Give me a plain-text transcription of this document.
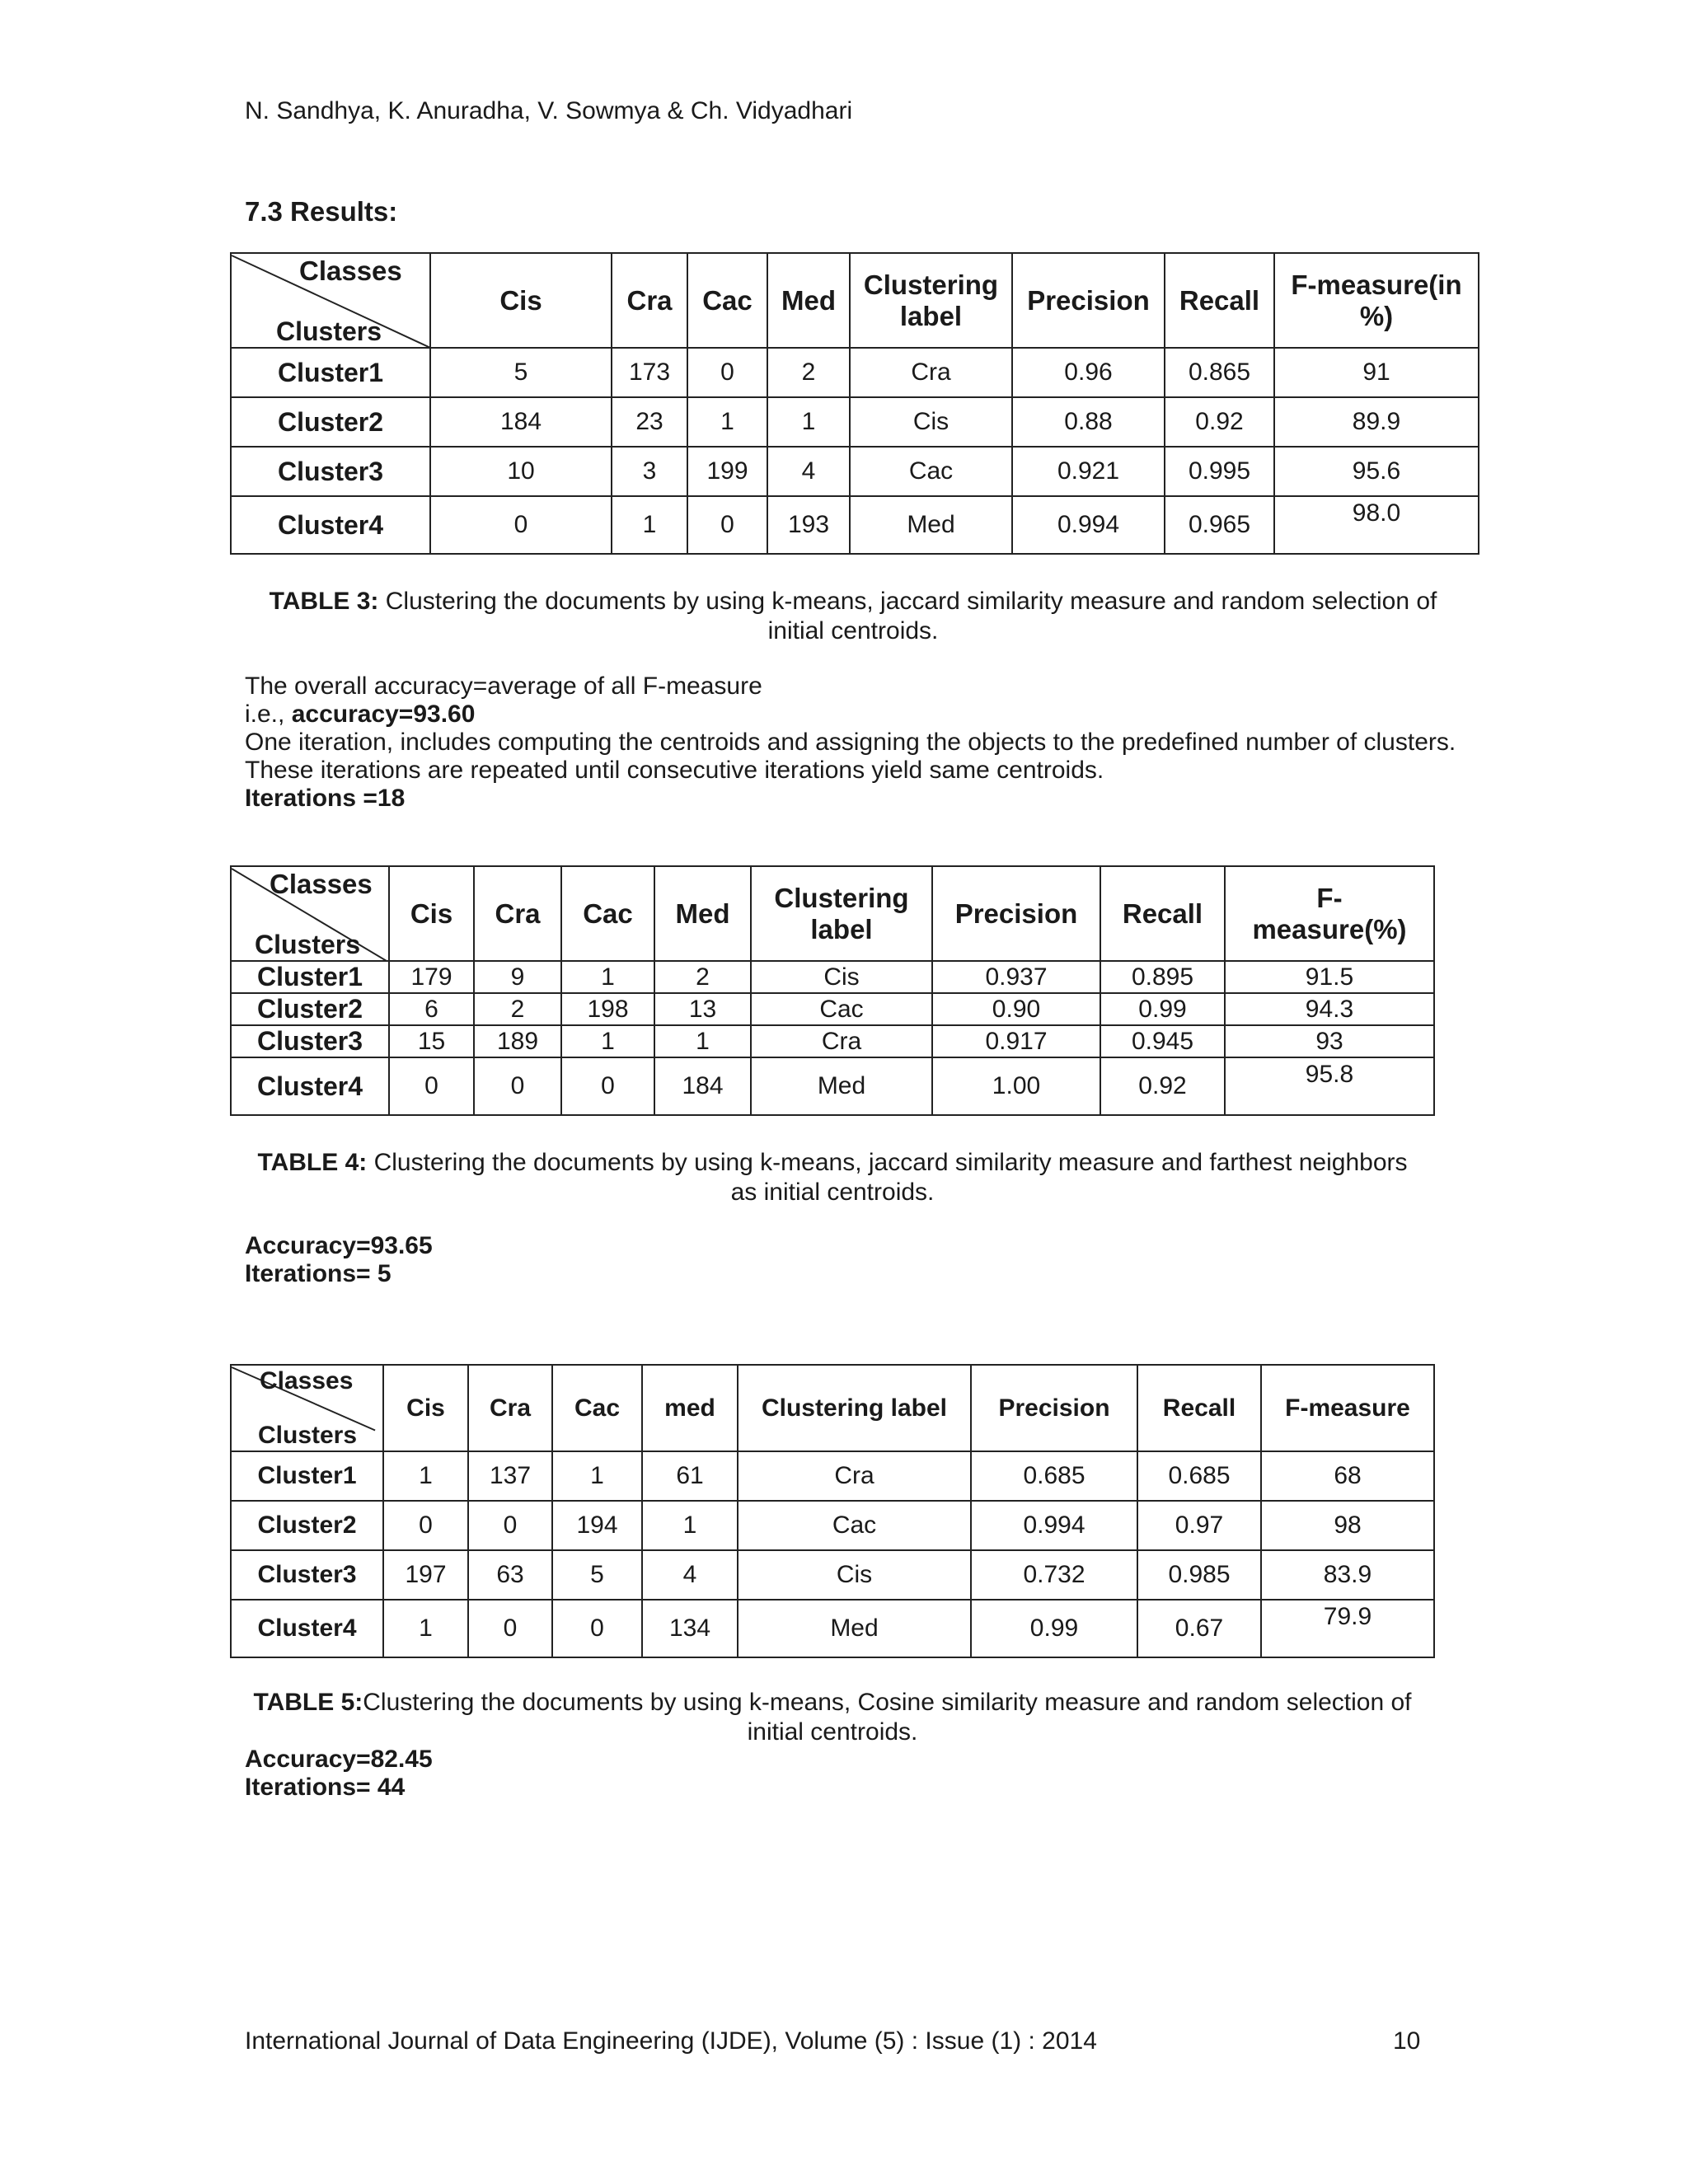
N. Sandhya, K. Anuradha, V. Sowmya & Ch. Vidyadhari
7.3 Results:
Classes
Clusters	Cis	Cra	Cac	Med	Clustering label	Precision	Recall	F-measure(in %)
Cluster1	5	173	0	2	Cra	0.96	0.865	91
Cluster2	184	23	1	1	Cis	0.88	0.92	89.9
Cluster3	10	3	199	4	Cac	0.921	0.995	95.6
Cluster4	0	1	0	193	Med	0.994	0.965	98.0
TABLE 3: Clustering the documents by using k-means, jaccard similarity measure and random selection of initial centroids.
The overall accuracy=average of all F-measure
i.e., accuracy=93.60
One iteration, includes computing the centroids and assigning the objects to the predefined number of clusters.
These iterations are repeated until consecutive iterations yield same centroids.
Iterations =18
Classes
Clusters	Cis	Cra	Cac	Med	Clustering label	Precision	Recall	F-measure(%)
Cluster1	179	9	1	2	Cis	0.937	0.895	91.5
Cluster2	6	2	198	13	Cac	0.90	0.99	94.3
Cluster3	15	189	1	1	Cra	0.917	0.945	93
Cluster4	0	0	0	184	Med	1.00	0.92	95.8
TABLE 4: Clustering the documents by using k-means, jaccard similarity measure and farthest neighbors as initial centroids.
Accuracy=93.65
Iterations= 5
Classes
Clusters	Cis	Cra	Cac	med	Clustering label	Precision	Recall	F-measure
Cluster1	1	137	1	61	Cra	0.685	0.685	68
Cluster2	0	0	194	1	Cac	0.994	0.97	98
Cluster3	197	63	5	4	Cis	0.732	0.985	83.9
Cluster4	1	0	0	134	Med	0.99	0.67	79.9
TABLE 5:Clustering the documents by using k-means, Cosine similarity measure and random selection of initial centroids.
Accuracy=82.45
Iterations= 44
International Journal of Data Engineering (IJDE), Volume (5) : Issue (1) : 2014	10
